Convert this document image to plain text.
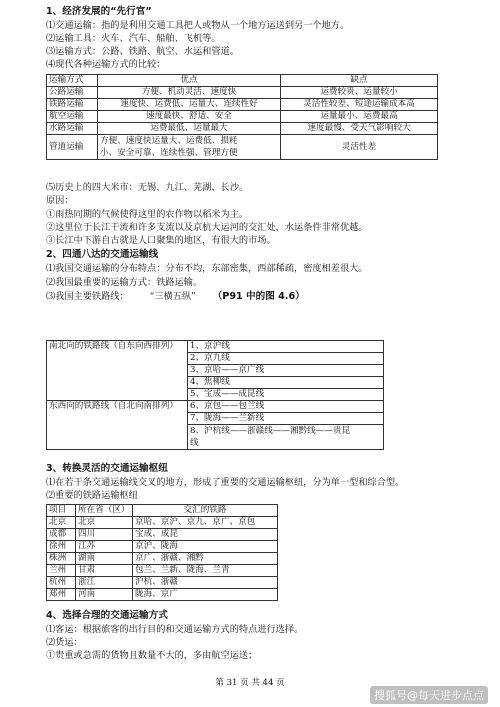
1、经济发展的“先行官”
⑴交通运输：指的是利用交通工具把人或物从一个地方运送到另一个地方。
⑵运输工具：火车、汽车、船舶、飞机等。
⑶运输方式：公路、铁路、航空、水运和管道。
⑷现代各种运输方式的比较：
运输方式	优点	缺点
公路运输	方便、机动灵活、速度快	运费较贵、运量较小
铁路运输	速度快、运费低、运量大、连续性好	灵活性较差、短途运输成本高
航空运输	速度最快、舒适、安全	运量最小、运费最高
水路运输	运费最低、运量最大	速度最慢、受天气影响较大
管道运输	方便、速度快运量大、运费低、损耗
小、安全可靠、连续性强、管理方便	灵活性差
⑸历史上的四大米市：无锡、九江、芜湖、长沙。
原因：
①雨热同期的气候使得这里的农作物以稻米为主。
②这里位于长江干流和许多支流以及京杭大运河的交汇处，水运条件非常优越。
③长江中下游自古就是人口聚集的地区，有很大的市场。
2、四通八达的交通运输线
⑴我国交通运输的分布特点：分布不均，东部密集，西部稀疏，密度相差很大。
⑵我国最重要的运输方式：铁路运输。
⑶我国主要铁路线： “三横五纵” （P91 中的图 4.6）
南北向的铁路线（自东向西排列）	1、京沪线
	2、京九线
	3、京哈——京广线
	4、焦柳线
	5、宝成——成昆线
东西向的铁路线（自北向南排列）	6、京包——包兰线
	7、陇海——兰新线

	8、沪杭线——浙赣线——湘黔线——贵昆
线
3、转换灵活的交通运输枢纽
⑴在若干条交通运输线交叉的地方，形成了重要的交通运输枢纽，分为单一型和综合型。
⑵重要的铁路运输枢纽
项目	所在省（区）	交汇的铁路
北京	北京	京哈、京沪、京九、京广、京包
成都	四川	宝成、成昆
徐州	江苏	京沪、陇海
株洲	湖南	京广、浙赣、湘黔
兰州	甘肃	包兰、兰新、陇海、兰青
杭州	浙江	沪杭、浙赣
郑州	河南	陇海、京广
4、选择合理的交通运输方式
⑴客运：根据旅客的出行目的和交通运输方式的特点进行选择。
⑵货运：
①贵重或急需的货物且数量不大的，多由航空运送；
第 31 页 共 44 页
搜狐号@每天进步点点
